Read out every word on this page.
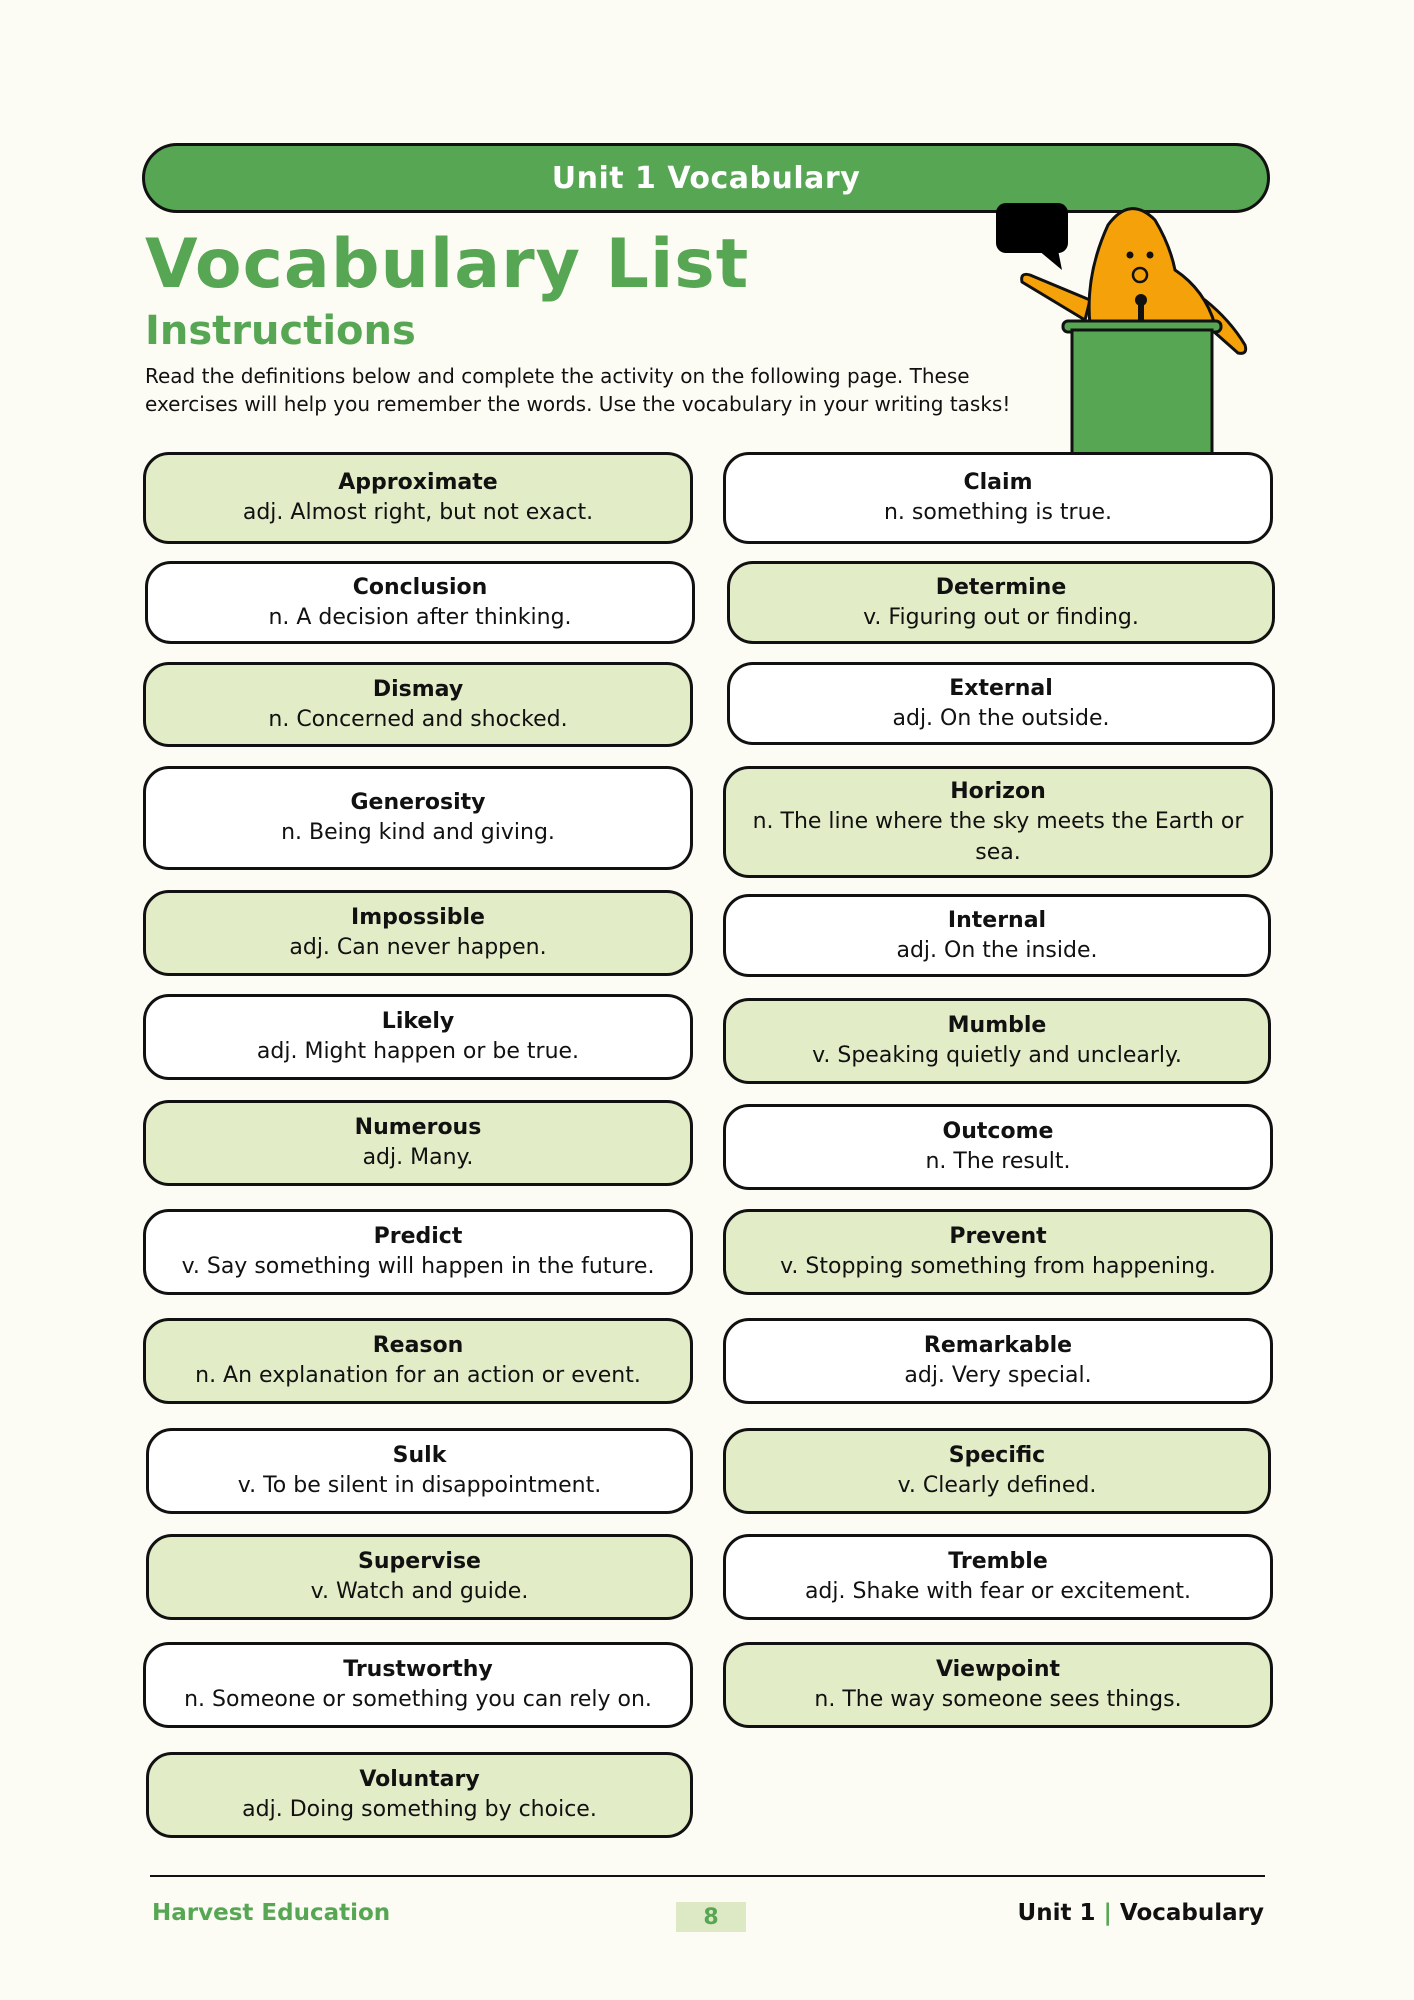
Unit 1 Vocabulary
Vocabulary List
Instructions

Read the definitions below and complete the activity on the following page. These exercises will help you remember the words. Use the vocabulary in your writing tasks!

Approximate
adj. Almost right, but not exact.
Claim
n. something is true.
Conclusion
n. A decision after thinking.
Determine
v. Figuring out or finding.
Dismay
n. Concerned and shocked.
External
adj. On the outside.
Generosity
n. Being kind and giving.
Horizon
n. The line where the sky meets the Earth or sea.
Impossible
adj. Can never happen.
Internal
adj. On the inside.
Likely
adj. Might happen or be true.
Mumble
v. Speaking quietly and unclearly.
Numerous
adj. Many.
Outcome
n. The result.
Predict
v. Say something will happen in the future.
Prevent
v. Stopping something from happening.
Reason
n. An explanation for an action or event.
Remarkable
adj. Very special.
Sulk
v. To be silent in disappointment.
Specific
v. Clearly defined.
Supervise
v. Watch and guide.
Tremble
adj. Shake with fear or excitement.
Trustworthy
n. Someone or something you can rely on.
Viewpoint
n. The way someone sees things.
Voluntary
adj. Doing something by choice.
Harvest Education	8	Unit 1 | Vocabulary
